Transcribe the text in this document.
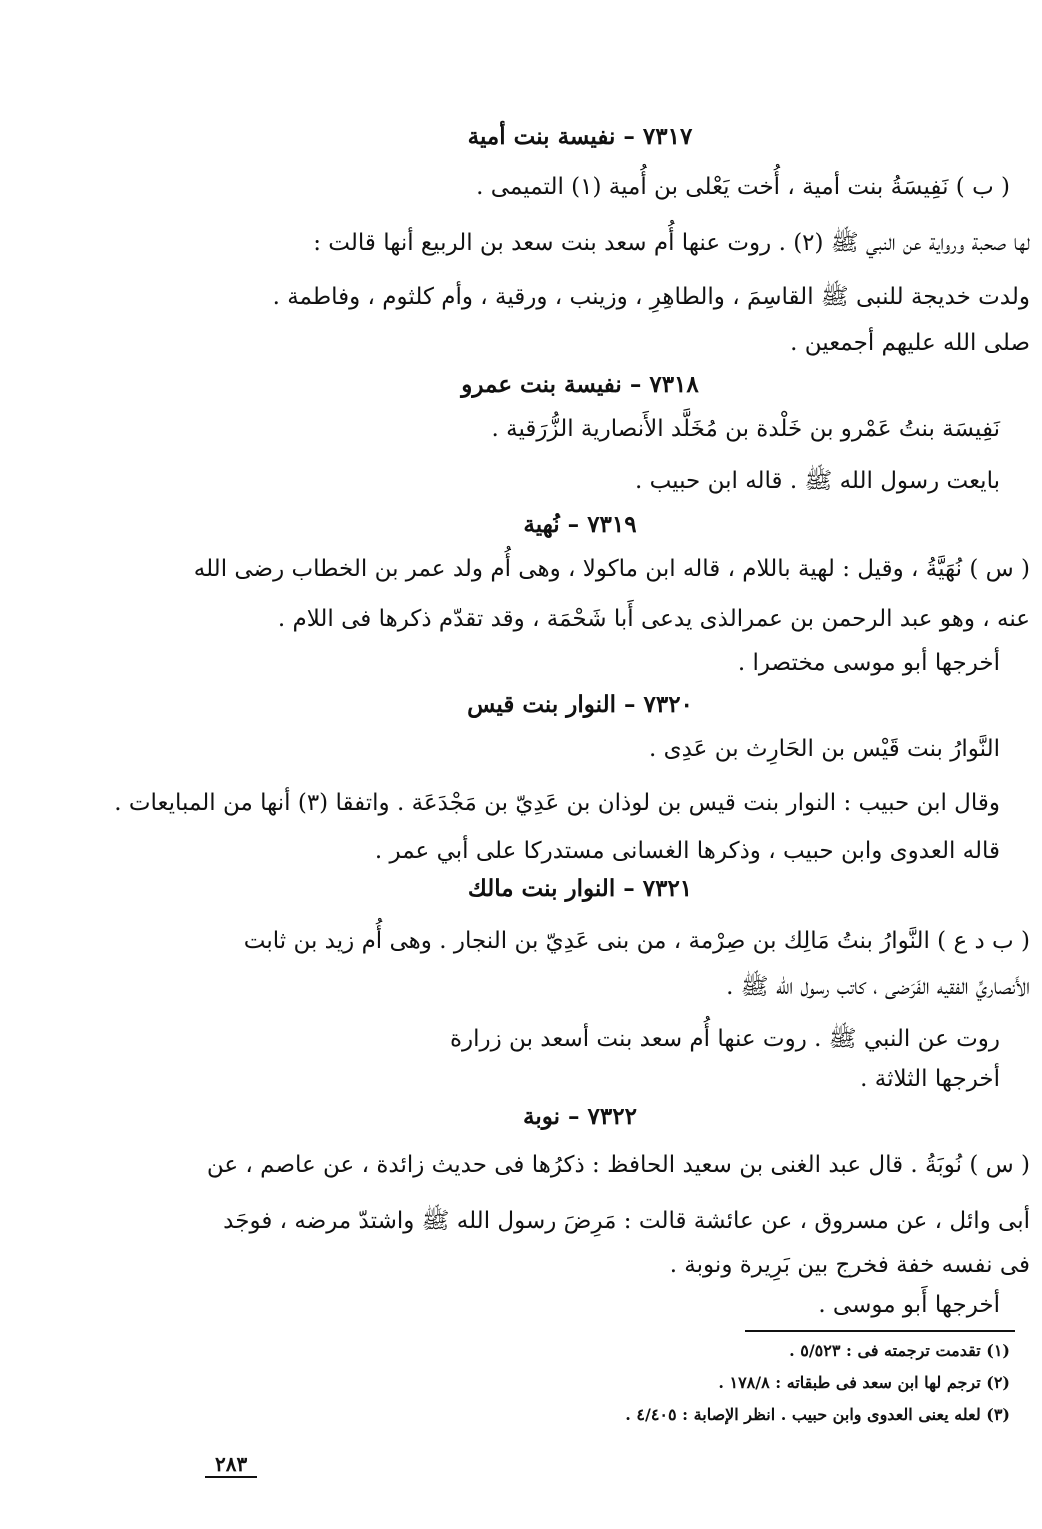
٧٣١٧ – نفيسة بنت أمية
( ب ) نَفِيسَةُ بنت أمية ، أُخت يَعْلى بن أُمية (١) التميمى .
لها صحبة ورواية عن النبي ﷺ (٢) . روت عنها أُم سعد بنت سعد بن الربيع أنها قالت :
ولدت خديجة للنبى ﷺ القاسِمَ ، والطاهِرِ ، وزينب ، ورقية ، وأم كلثوم ، وفاطمة .
صلى الله عليهم أجمعين .
٧٣١٨ – نفيسة بنت عمرو
نَفِيسَة بنتُ عَمْرو بن خَلْدة بن مُخَلَّد الأَنصارية الزُّرَقية .
بايعت رسول الله ﷺ . قاله ابن حبيب .
٧٣١٩ – نُهية
( س ) نُهَيَّةُ ، وقيل : لهية باللام ، قاله ابن ماكولا ، وهى أُم ولد عمر بن الخطاب رضى الله
عنه ، وهو عبد الرحمن بن عمرالذى يدعى أَبا شَحْمَة ، وقد تقدّم ذكرها فى اللام .
أخرجها أبو موسى مختصرا .
٧٣٢٠ – النوار بنت قيس
النَّوارُ بنت قَيْس بن الحَارِث بن عَدِى .
وقال ابن حبيب : النوار بنت قيس بن لوذان بن عَدِيّ بن مَجْدَعَة . واتفقا (٣) أنها من المبايعات .
قاله العدوى وابن حبيب ، وذكرها الغسانى مستدركا على أبي عمر .
٧٣٢١ – النوار بنت مالك
( ب د ع ) النَّوارُ بنتُ مَالِك بن صِرْمة ، من بنى عَدِيّ بن النجار . وهى أُم زيد بن ثابت
الأَنصاريِّ الفقيه الفَرَضى ، كاتب رسول الله ﷺ .
روت عن النبي ﷺ . روت عنها أُم سعد بنت أسعد بن زرارة
أخرجها الثلاثة .
٧٣٢٢ – نوبة
( س ) نُوبَةُ . قال عبد الغنى بن سعيد الحافظ : ذكرُها فى حديث زائدة ، عن عاصم ، عن
أبى وائل ، عن مسروق ، عن عائشة قالت : مَرِضَ رسول الله ﷺ واشتدّ مرضه ، فوجَد
فى نفسه خفة فخرج بين بَرِيرة ونوبة .
أخرجها أَبو موسى .
(١) تقدمت ترجمته فى : ٥/٥٢٣ .
(٢) ترجم لها ابن سعد فى طبقاته : ١٧٨/٨ .
(٣) لعله يعنى العدوى وابن حبيب . انظر الإصابة : ٤/٤٠٥ .
٢٨٣
